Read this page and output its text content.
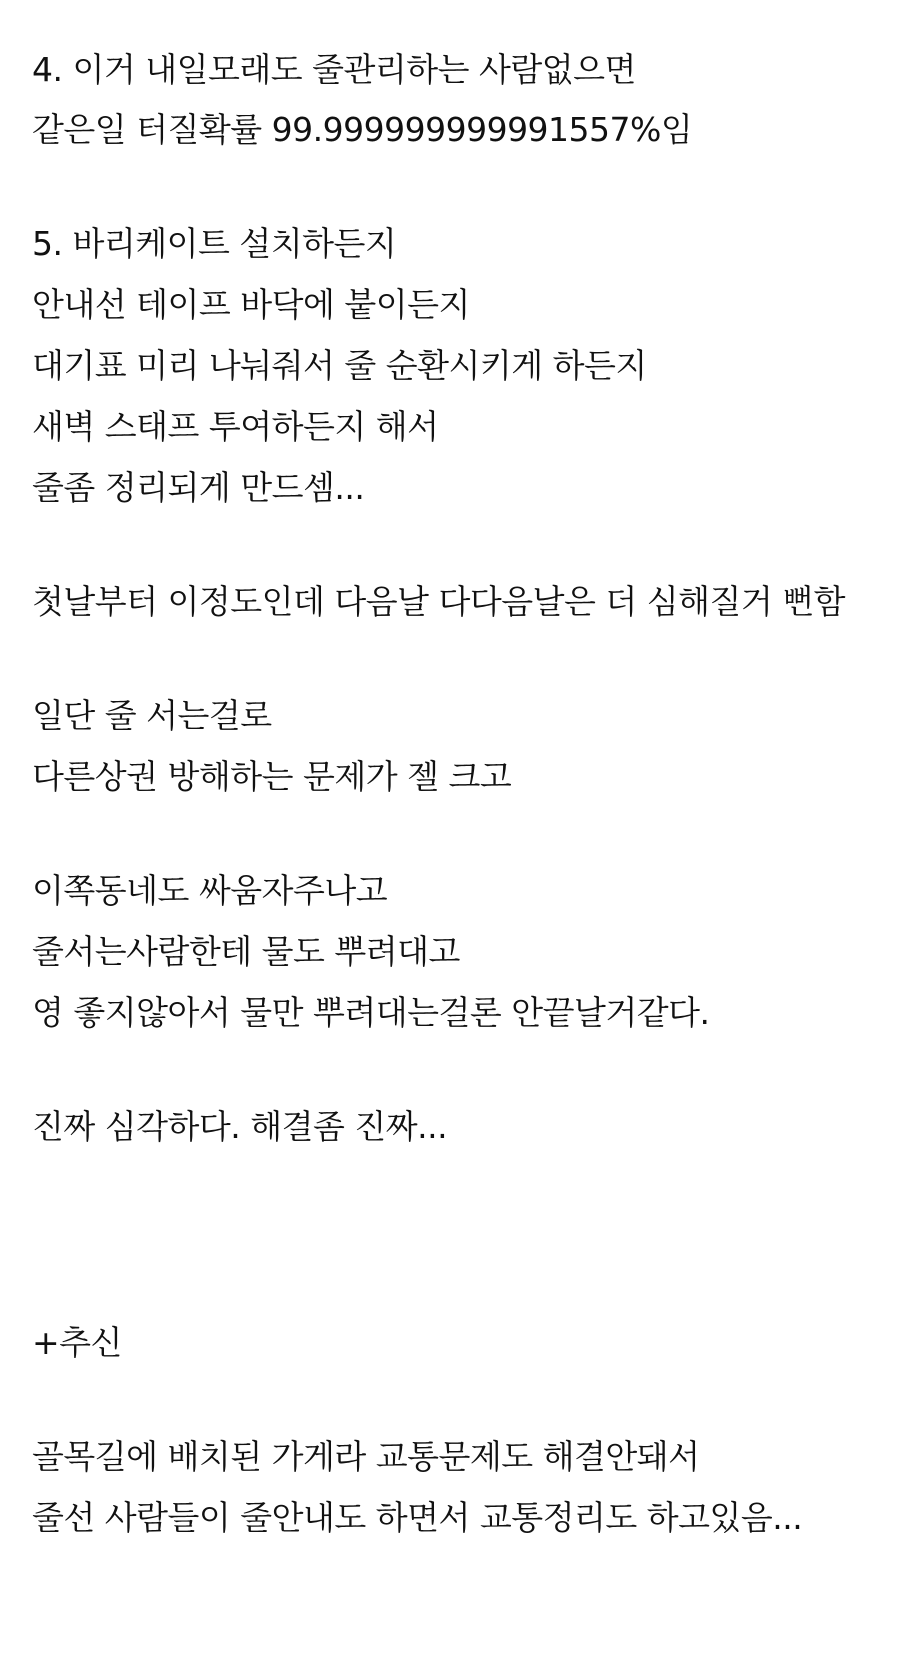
4. 이거 내일모래도 줄관리하는 사람없으면
같은일 터질확률 99.999999999991557%임
5. 바리케이트 설치하든지
안내선 테이프 바닥에 붙이든지
대기표 미리 나눠줘서 줄 순환시키게 하든지
새벽 스태프 투여하든지 해서
줄좀 정리되게 만드셈...
첫날부터 이정도인데 다음날 다다음날은 더 심해질거 뻔함
일단 줄 서는걸로
다른상권 방해하는 문제가 젤 크고
이쪽동네도 싸움자주나고
줄서는사람한테 물도 뿌려대고
영 좋지않아서 물만 뿌려대는걸론 안끝날거같다.
진짜 심각하다. 해결좀 진짜...
+추신
골목길에 배치된 가게라 교통문제도 해결안돼서
줄선 사람들이 줄안내도 하면서 교통정리도 하고있음...
